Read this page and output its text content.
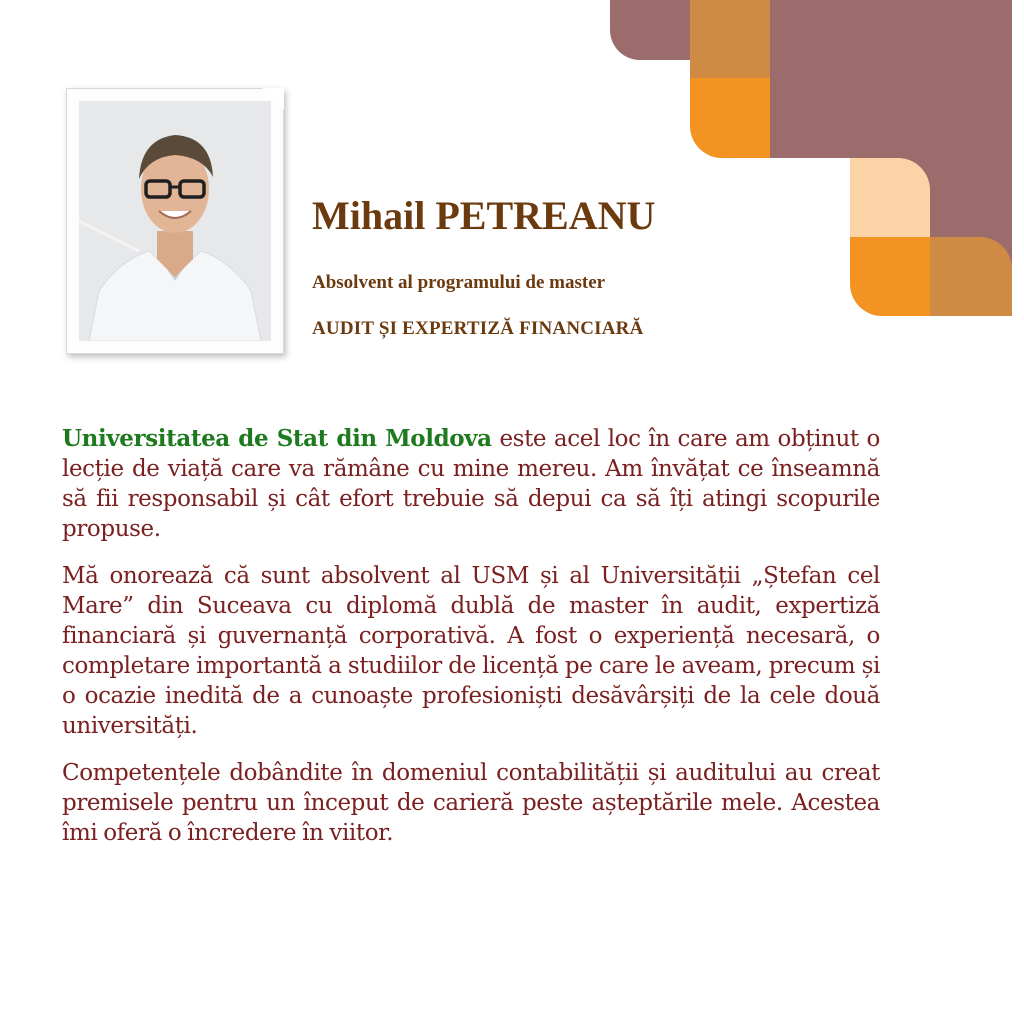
Mihail PETREANU

Absolvent al programului de master

AUDIT ȘI EXPERTIZĂ FINANCIARĂ

Universitatea de Stat din Moldova este acel loc în care am obținut o lecție de viață care va rămâne cu mine mereu. Am învățat ce înseamnă să fii responsabil și cât efort trebuie să depui ca să îți atingi scopurile propuse.

Mă onorează că sunt absolvent al USM și al Universității „Ștefan cel Mare” din Suceava cu diplomă dublă de master în audit, expertiză financiară și guvernanță corporativă. A fost o experiență necesară, o completare importantă a studiilor de licență pe care le aveam, precum și o ocazie inedită de a cunoaște profesioniști desăvârșiți de la cele două universități.

Competențele dobândite în domeniul contabilității și auditului au creat premisele pentru un început de carieră peste așteptările mele. Acestea îmi oferă o încredere în viitor.
